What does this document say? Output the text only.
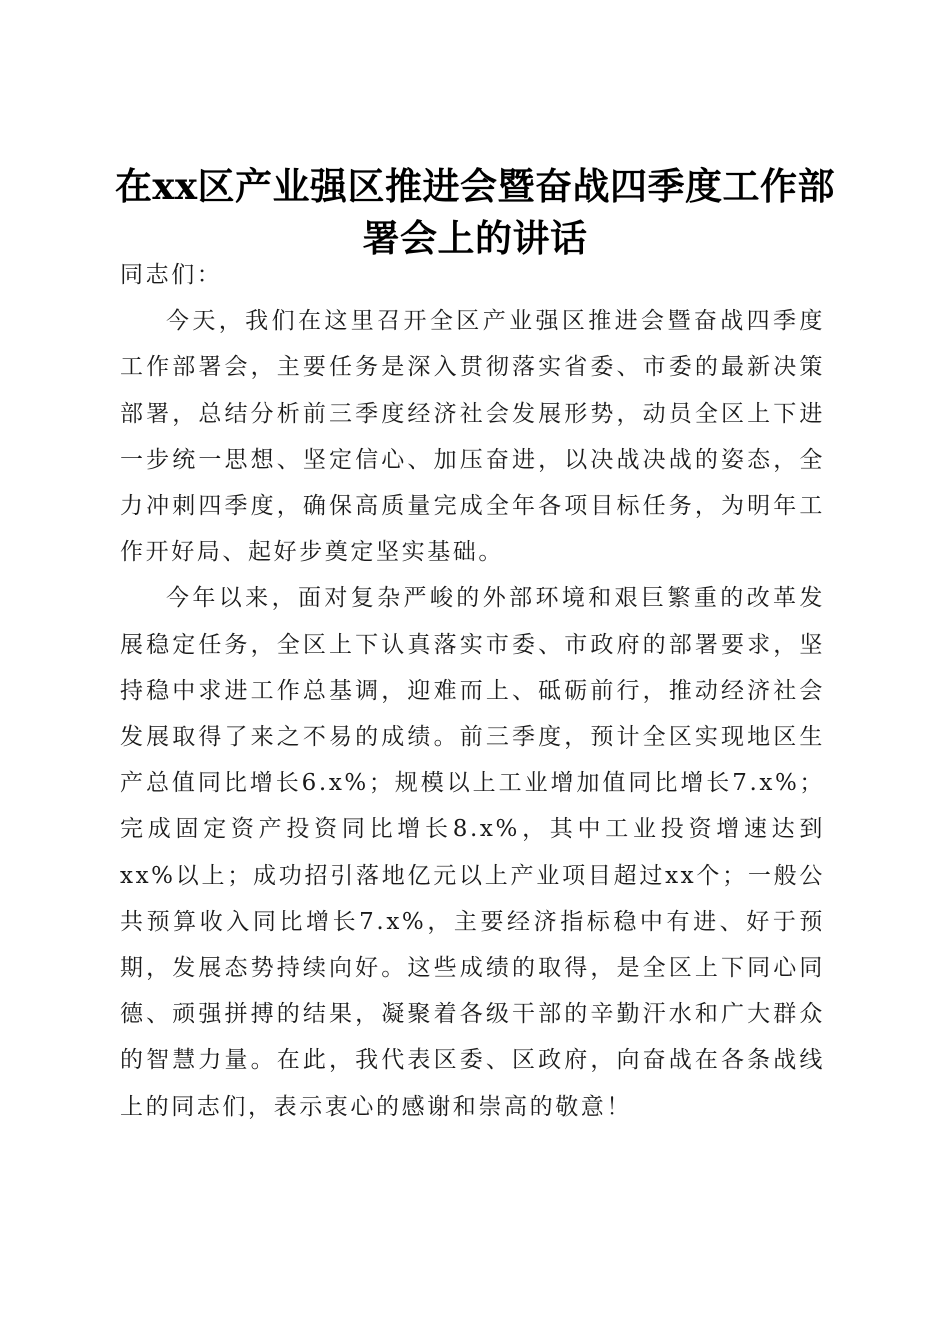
在xx区产业强区推进会暨奋战四季度工作部署会上的讲话

同志们：

今天，我们在这里召开全区产业强区推进会暨奋战四季度工作部署会，主要任务是深入贯彻落实省委、市委的最新决策部署，总结分析前三季度经济社会发展形势，动员全区上下进一步统一思想、坚定信心、加压奋进，以决战决战的姿态，全力冲刺四季度，确保高质量完成全年各项目标任务，为明年工作开好局、起好步奠定坚实基础。

今年以来，面对复杂严峻的外部环境和艰巨繁重的改革发展稳定任务，全区上下认真落实市委、市政府的部署要求，坚持稳中求进工作总基调，迎难而上、砥砺前行，推动经济社会发展取得了来之不易的成绩。前三季度，预计全区实现地区生产总值同比增长6.x%；规模以上工业增加值同比增长7.x%；完成固定资产投资同比增长8.x%，其中工业投资增速达到xx%以上；成功招引落地亿元以上产业项目超过xx个；一般公共预算收入同比增长7.x%，主要经济指标稳中有进、好于预期，发展态势持续向好。这些成绩的取得，是全区上下同心同德、顽强拼搏的结果，凝聚着各级干部的辛勤汗水和广大群众的智慧力量。在此，我代表区委、区政府，向奋战在各条战线上的同志们，表示衷心的感谢和崇高的敬意！
